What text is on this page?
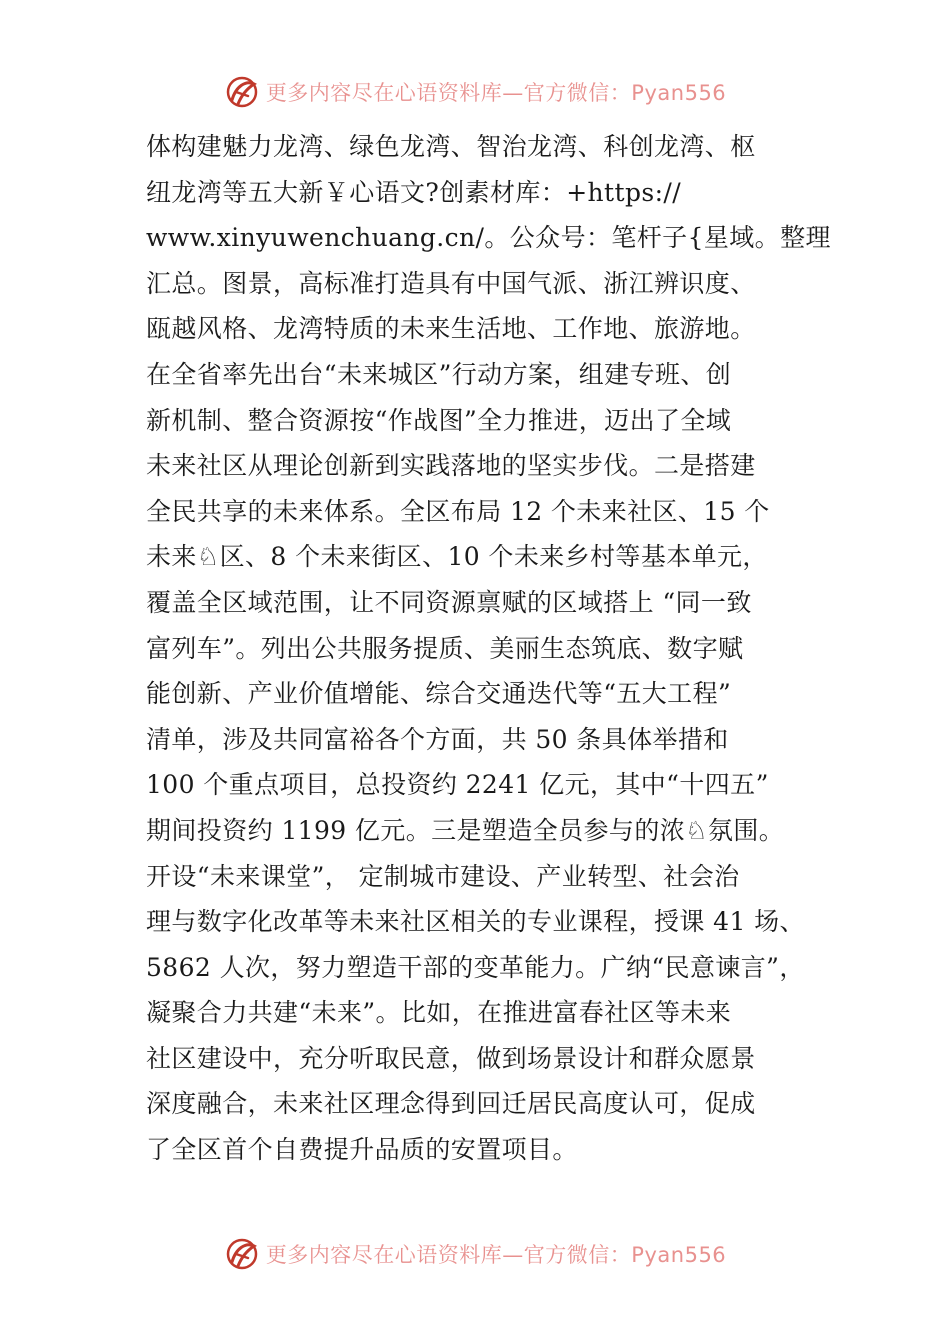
更多内容尽在心语资料库—官方微信：Pyan556
体构建魅力龙湾、绿色龙湾、智治龙湾、科创龙湾、枢
纽龙湾等五大新￥心语文?创素材库：+https://
www.xinyuwenchuang.cn/。公众号：笔杆子{星域。整理
汇总。图景，高标准打造具有中国气派、浙江辨识度、
瓯越风格、龙湾特质的未来生活地、工作地、旅游地。
在全省率先出台“未来城区”行动方案，组建专班、创
新机制、整合资源按“作战图”全力推进，迈出了全域
未来社区从理论创新到实践落地的坚实步伐。二是搭建
全民共享的未来体系。全区布局 12 个未来社区、15 个
未来♘区、8 个未来街区、10 个未来乡村等基本单元，
覆盖全区域范围，让不同资源禀赋的区域搭上 “同一致
富列车”。列出公共服务提质、美丽生态筑底、数字赋
能创新、产业价值增能、综合交通迭代等“五大工程”
清单，涉及共同富裕各个方面，共 50 条具体举措和
100 个重点项目，总投资约 2241 亿元，其中“十四五”
期间投资约 1199 亿元。三是塑造全员参与的浓♘氛围。
开设“未来课堂”， 定制城市建设、产业转型、社会治
理与数字化改革等未来社区相关的专业课程，授课 41 场、
5862 人次，努力塑造干部的变革能力。广纳“民意谏言”，
凝聚合力共建“未来”。比如，在推进富春社区等未来
社区建设中，充分听取民意，做到场景设计和群众愿景
深度融合，未来社区理念得到回迁居民高度认可，促成
了全区首个自费提升品质的安置项目。
更多内容尽在心语资料库—官方微信：Pyan556
